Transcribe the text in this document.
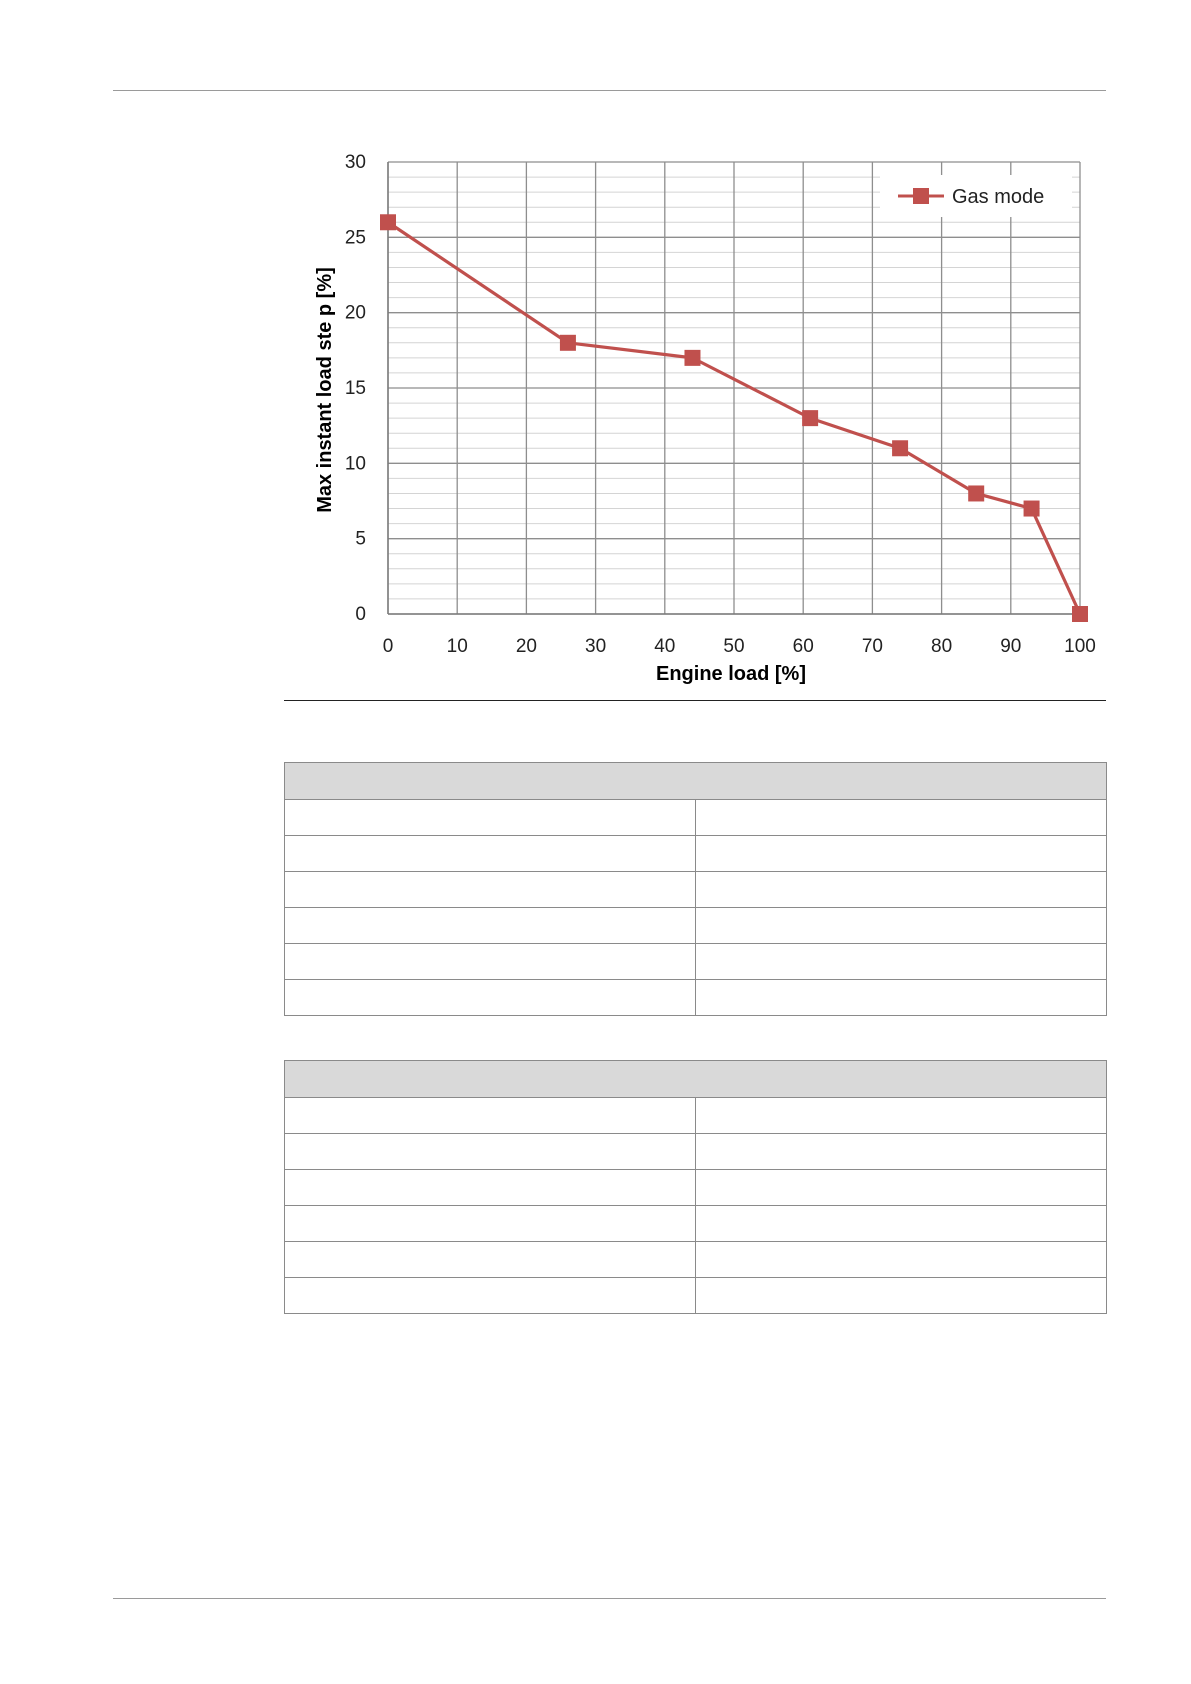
0
5
10
15
20
25
30
0	10	20	30	40	50	60	70	80	90 100
Engine load [%]
Max instant load ste p [%]
Gas mode
